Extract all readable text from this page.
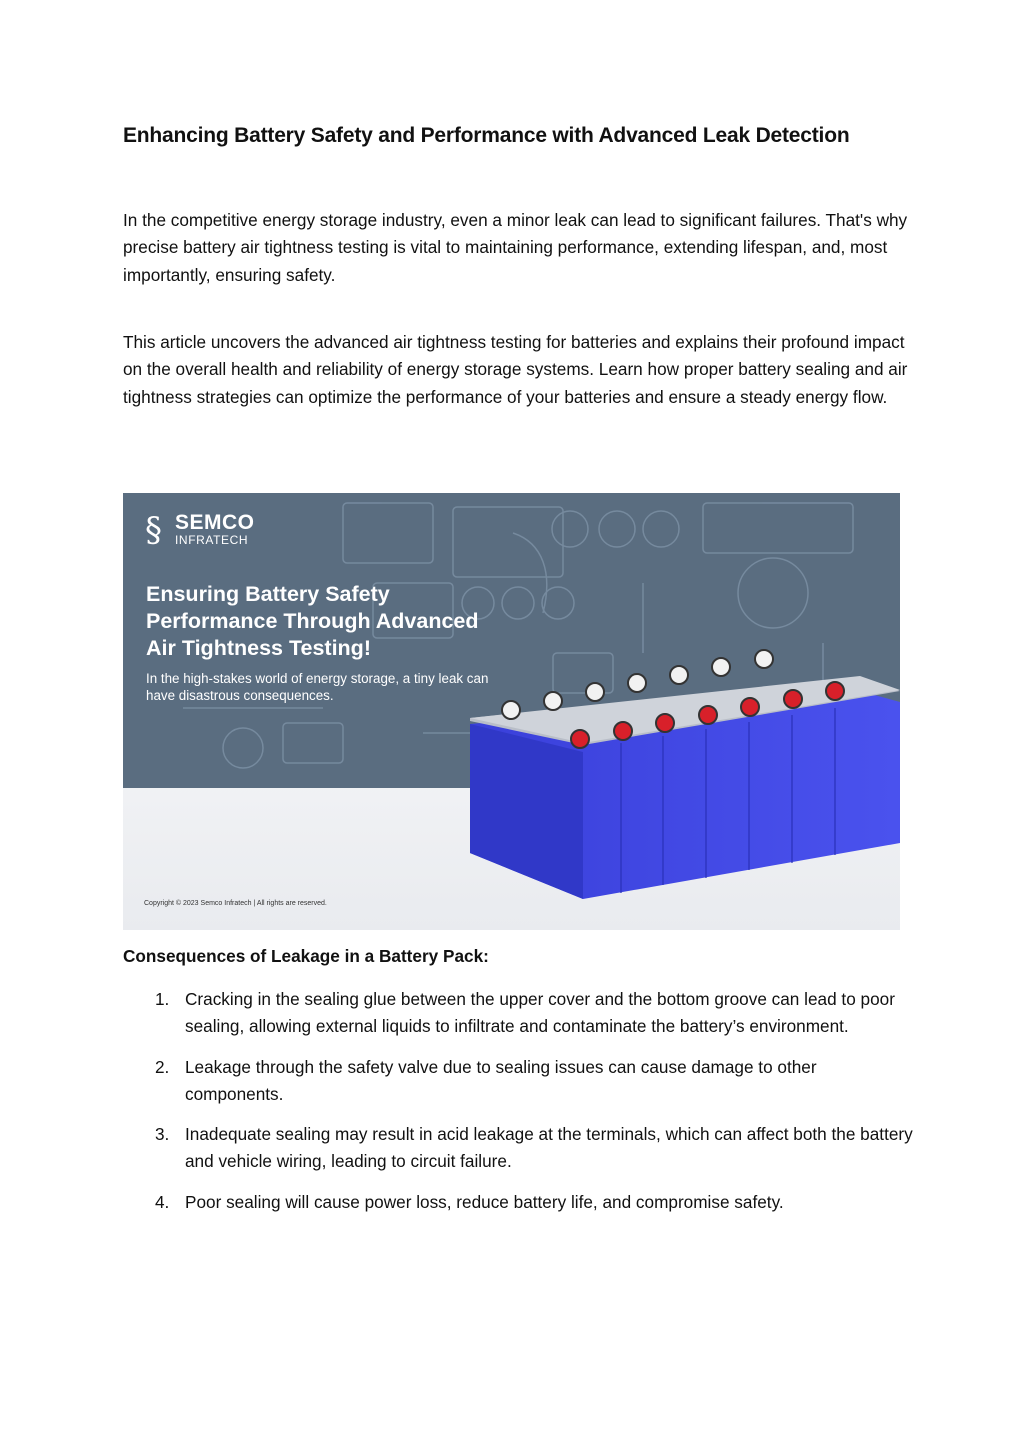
Enhancing Battery Safety and Performance with Advanced Leak Detection

In the competitive energy storage industry, even a minor leak can lead to significant failures. That's why precise battery air tightness testing is vital to maintaining performance, extending lifespan, and, most importantly, ensuring safety.

This article uncovers the advanced air tightness testing for batteries and explains their profound impact on the overall health and reliability of energy storage systems. Learn how proper battery sealing and air tightness strategies can optimize the performance of your batteries and ensure a steady energy flow.

§ SEMCO
INFRATECH
Ensuring Battery Safety Performance Through Advanced Air Tightness Testing!

In the high-stakes world of energy storage, a tiny leak can have disastrous consequences.

Copyright © 2023 Semco Infratech | All rights are reserved.
Consequences of Leakage in a Battery Pack:
1. Cracking in the sealing glue between the upper cover and the bottom groove can lead to poor sealing, allowing external liquids to infiltrate and contaminate the battery’s environment.
2. Leakage through the safety valve due to sealing issues can cause damage to other components.
3. Inadequate sealing may result in acid leakage at the terminals, which can affect both the battery and vehicle wiring, leading to circuit failure.
4. Poor sealing will cause power loss, reduce battery life, and compromise safety.
